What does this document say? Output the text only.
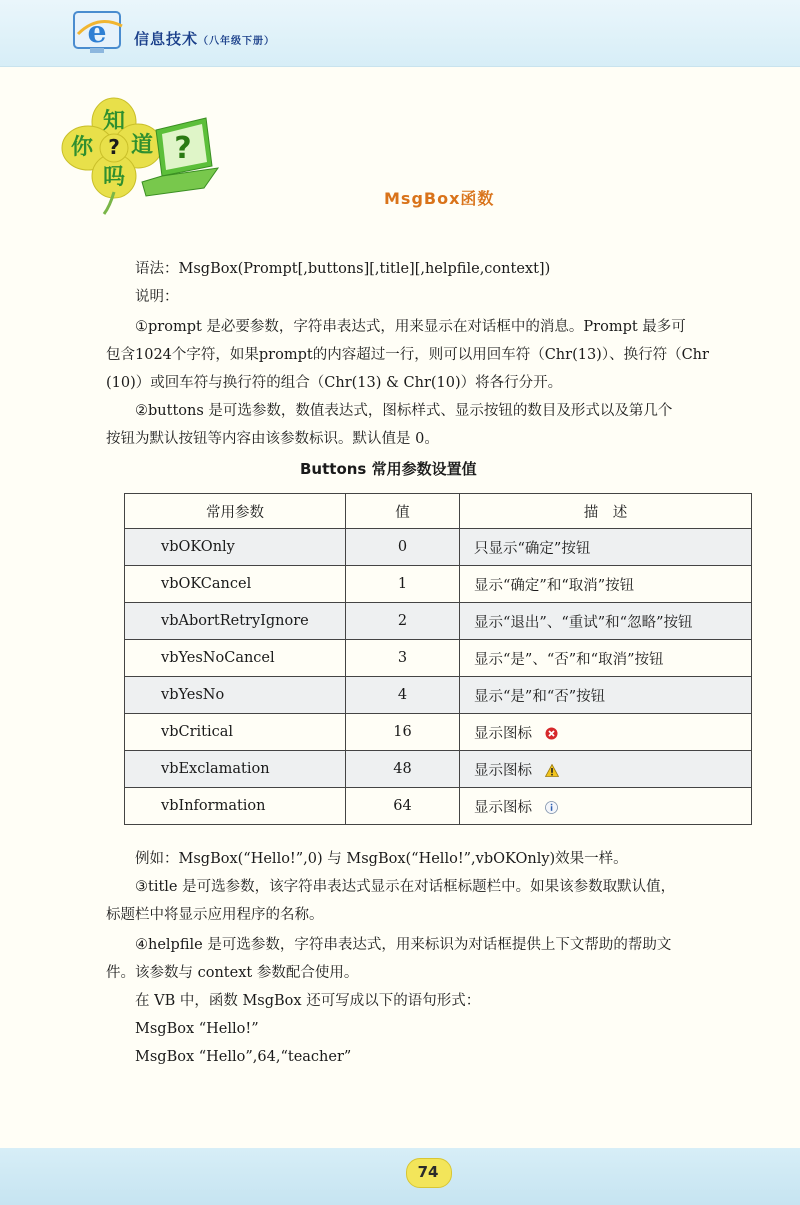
e 信息技术（八年级下册）
?
知
你 ? 道
吗
MsgBox函数
语法：MsgBox(Prompt[,buttons][,title][,helpfile,context])
说明：
①prompt 是必要参数，字符串表达式，用来显示在对话框中的消息。Prompt 最多可
包含1024个字符，如果prompt的内容超过一行，则可以用回车符（Chr(13)）、换行符（Chr
(10)）或回车符与换行符的组合（Chr(13) & Chr(10)）将各行分开。
②buttons 是可选参数，数值表达式，图标样式、显示按钮的数目及形式以及第几个
按钮为默认按钮等内容由该参数标识。默认值是 0。
Buttons 常用参数设置值
常用参数	值	描　述
vbOKOnly	0	只显示“确定”按钮
vbOKCancel	1	显示“确定”和“取消”按钮
vbAbortRetryIgnore	2	显示“退出”、“重试”和“忽略”按钮
vbYesNoCancel	3	显示“是”、“否”和“取消”按钮
vbYesNo	4	显示“是”和“否”按钮
vbCritical	16	显示图标
vbExclamation	48	显示图标
vbInformation	64	显示图标
例如：MsgBox(“Hello!”,0) 与 MsgBox(“Hello!”,vbOKOnly)效果一样。
③title 是可选参数，该字符串表达式显示在对话框标题栏中。如果该参数取默认值，
标题栏中将显示应用程序的名称。
④helpfile 是可选参数，字符串表达式，用来标识为对话框提供上下文帮助的帮助文
件。该参数与 context 参数配合使用。
在 VB 中，函数 MsgBox 还可写成以下的语句形式：
MsgBox “Hello!”
MsgBox “Hello”,64,“teacher”
74
